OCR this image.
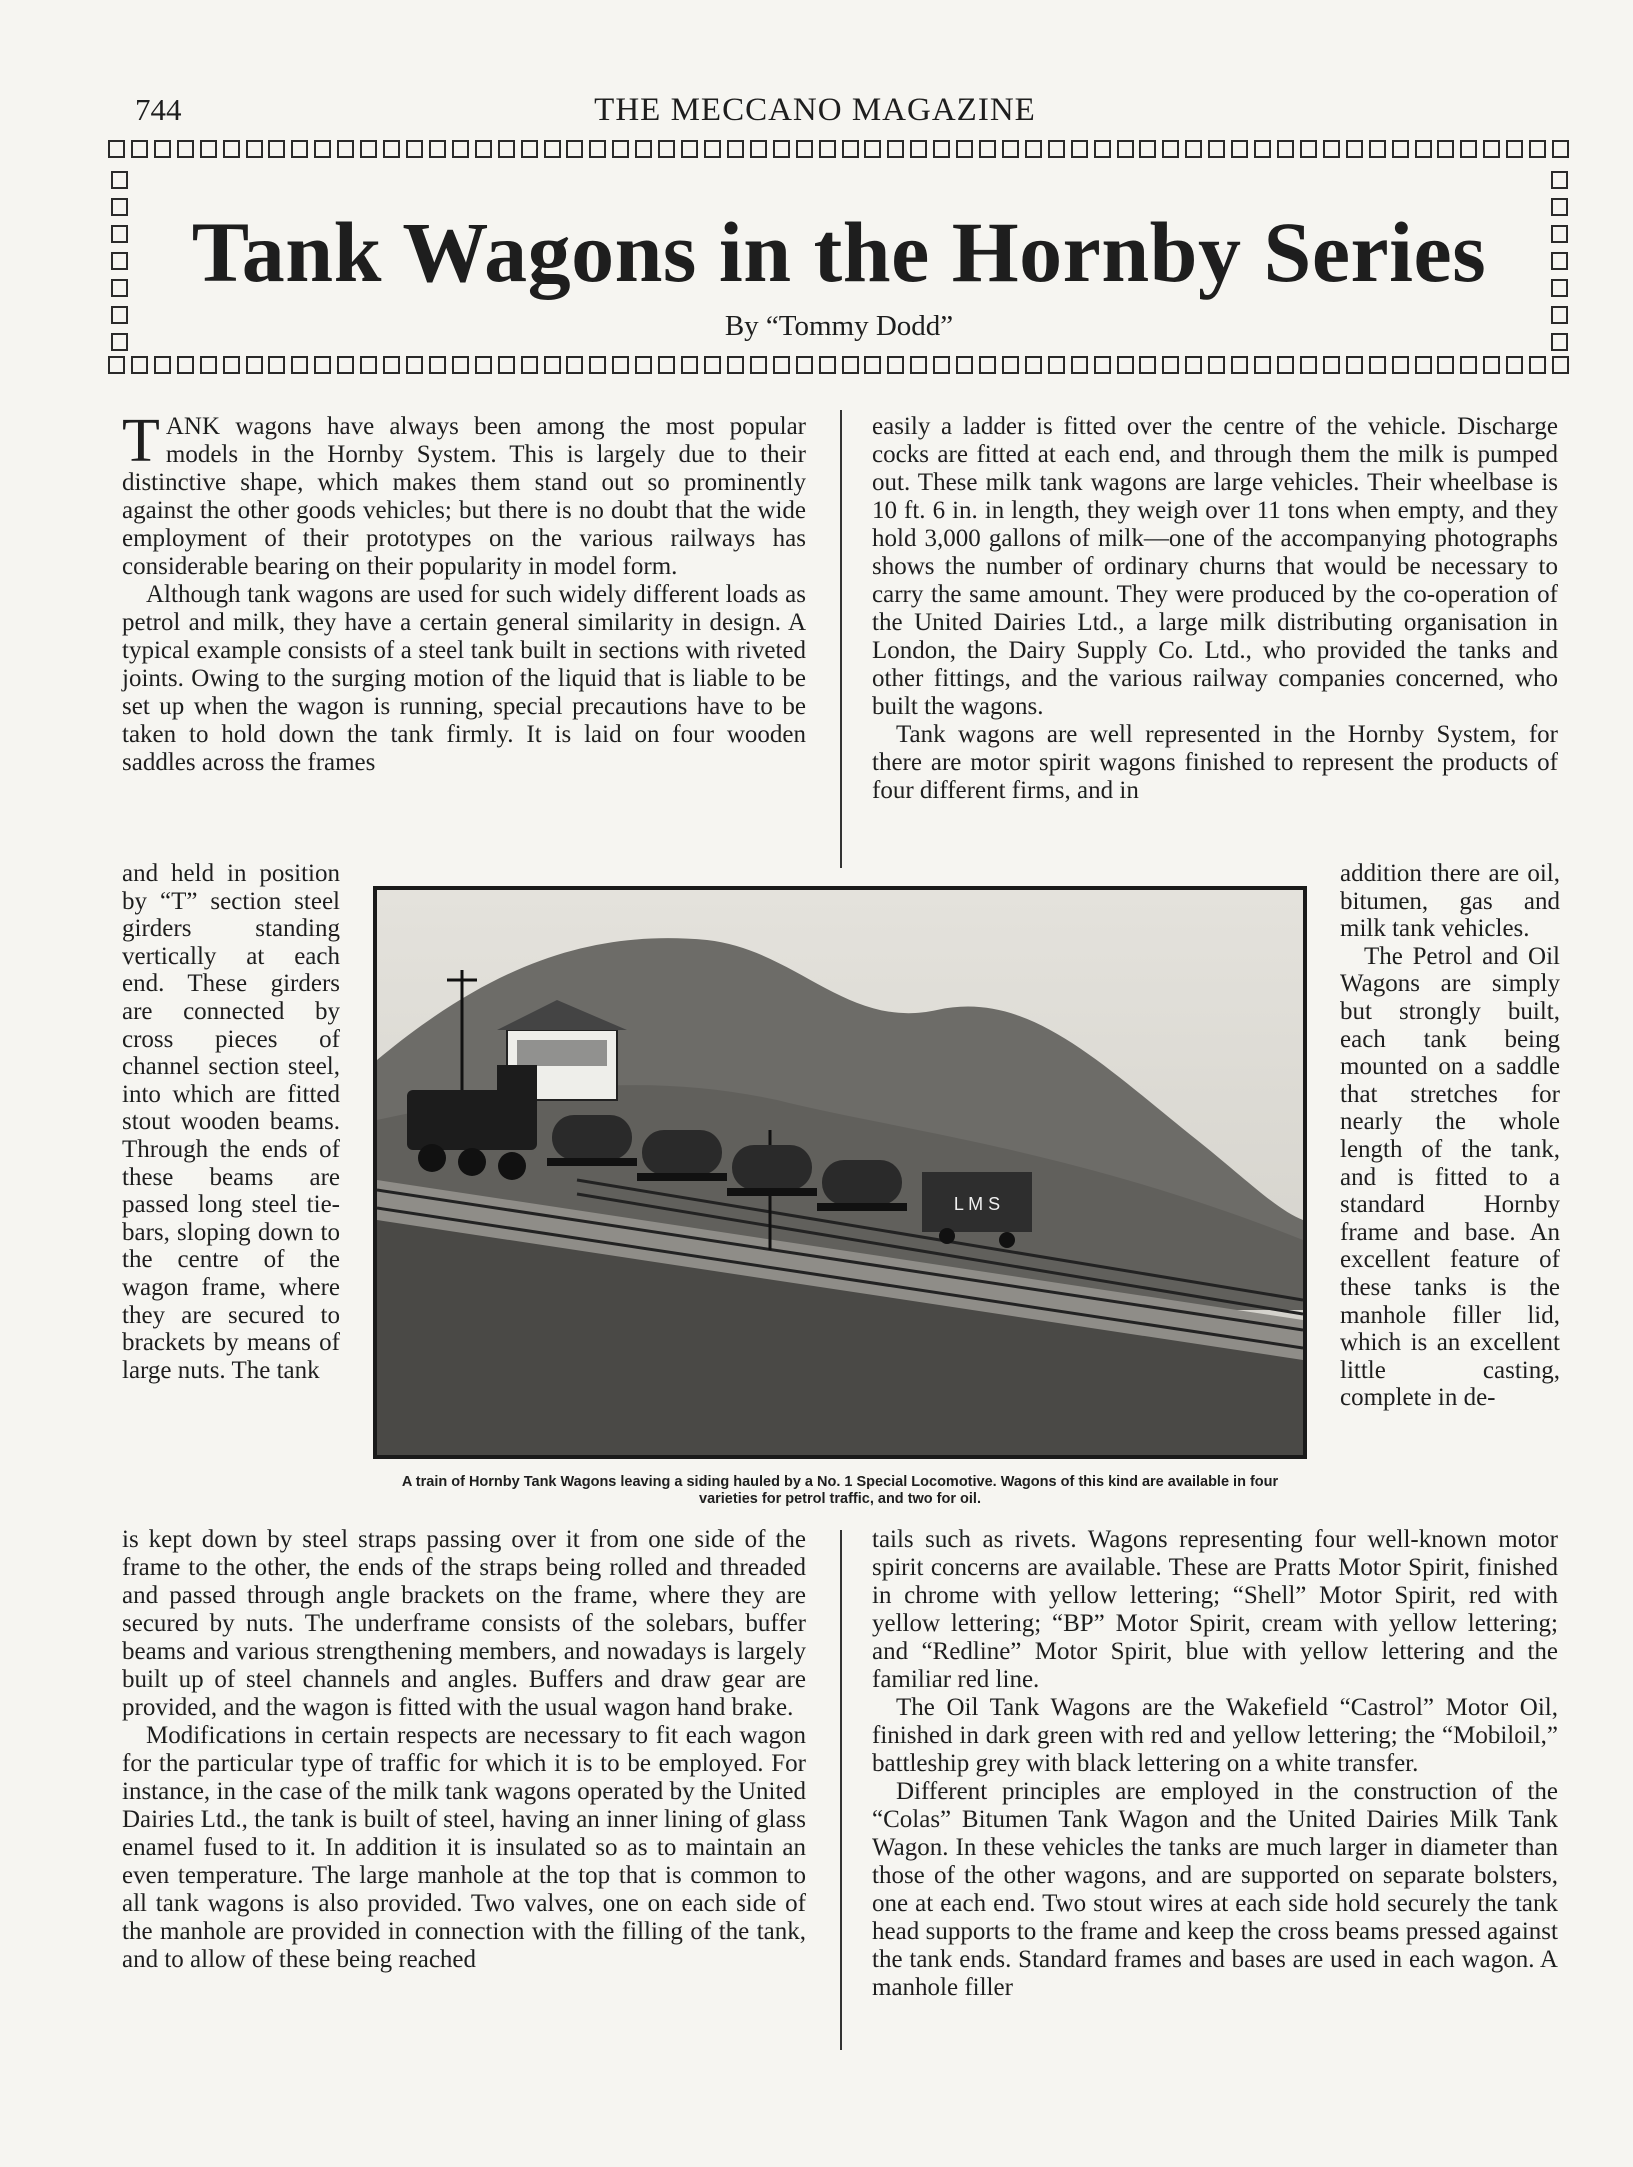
744	THE MECCANO MAGAZINE
Tank Wagons in the Hornby Series
By “Tommy Dodd”

TANK wagons have always been among the most popular models in the Hornby System. This is largely due to their distinctive shape, which makes them stand out so prominently against the other goods vehicles; but there is no doubt that the wide employment of their prototypes on the various railways has considerable bearing on their popularity in model form.

Although tank wagons are used for such widely different loads as petrol and milk, they have a certain general similarity in design. A typical example consists of a steel tank built in sections with riveted joints. Owing to the surging motion of the liquid that is liable to be set up when the wagon is running, special precautions have to be taken to hold down the tank firmly. It is laid on four wooden saddles across the frames

and held in position by “T” section steel girders standing vertically at each end. These girders are connected by cross pieces of channel section steel, into which are fitted stout wooden beams. Through the ends of these beams are passed long steel tie-bars, sloping down to the centre of the wagon frame, where they are secured to brackets by means of large nuts. The tank
L M S
A train of Hornby Tank Wagons leaving a siding hauled by a No. 1 Special Locomotive. Wagons of this kind are available in four varieties for petrol traffic, and two for oil.

is kept down by steel straps passing over it from one side of the frame to the other, the ends of the straps being rolled and threaded and passed through angle brackets on the frame, where they are secured by nuts. The underframe consists of the solebars, buffer beams and various strengthening members, and nowadays is largely built up of steel channels and angles. Buffers and draw gear are provided, and the wagon is fitted with the usual wagon hand brake.

Modifications in certain respects are necessary to fit each wagon for the particular type of traffic for which it is to be employed. For instance, in the case of the milk tank wagons operated by the United Dairies Ltd., the tank is built of steel, having an inner lining of glass enamel fused to it. In addition it is insulated so as to maintain an even temperature. The large manhole at the top that is common to all tank wagons is also provided. Two valves, one on each side of the manhole are provided in connection with the filling of the tank, and to allow of these being reached

easily a ladder is fitted over the centre of the vehicle. Discharge cocks are fitted at each end, and through them the milk is pumped out. These milk tank wagons are large vehicles. Their wheelbase is 10 ft. 6 in. in length, they weigh over 11 tons when empty, and they hold 3,000 gallons of milk—one of the accompanying photographs shows the number of ordinary churns that would be necessary to carry the same amount. They were produced by the co-operation of the United Dairies Ltd., a large milk distributing organisation in London, the Dairy Supply Co. Ltd., who provided the tanks and other fittings, and the various railway companies concerned, who built the wagons.

Tank wagons are well represented in the Hornby System, for there are motor spirit wagons finished to represent the products of four different firms, and in

addition there are oil, bitumen, gas and milk tank vehicles.

The Petrol and Oil Wagons are simply but strongly built, each tank being mounted on a saddle that stretches for nearly the whole length of the tank, and is fitted to a standard Hornby frame and base. An excellent feature of these tanks is the manhole filler lid, which is an excellent little casting, complete in de-

tails such as rivets. Wagons representing four well-known motor spirit concerns are available. These are Pratts Motor Spirit, finished in chrome with yellow lettering; “Shell” Motor Spirit, red with yellow lettering; “BP” Motor Spirit, cream with yellow lettering; and “Redline” Motor Spirit, blue with yellow lettering and the familiar red line.

The Oil Tank Wagons are the Wakefield “Castrol” Motor Oil, finished in dark green with red and yellow lettering; the “Mobiloil,” battleship grey with black lettering on a white transfer.

Different principles are employed in the construction of the “Colas” Bitumen Tank Wagon and the United Dairies Milk Tank Wagon. In these vehicles the tanks are much larger in diameter than those of the other wagons, and are supported on separate bolsters, one at each end. Two stout wires at each side hold securely the tank head supports to the frame and keep the cross beams pressed against the tank ends. Standard frames and bases are used in each wagon. A manhole filler
